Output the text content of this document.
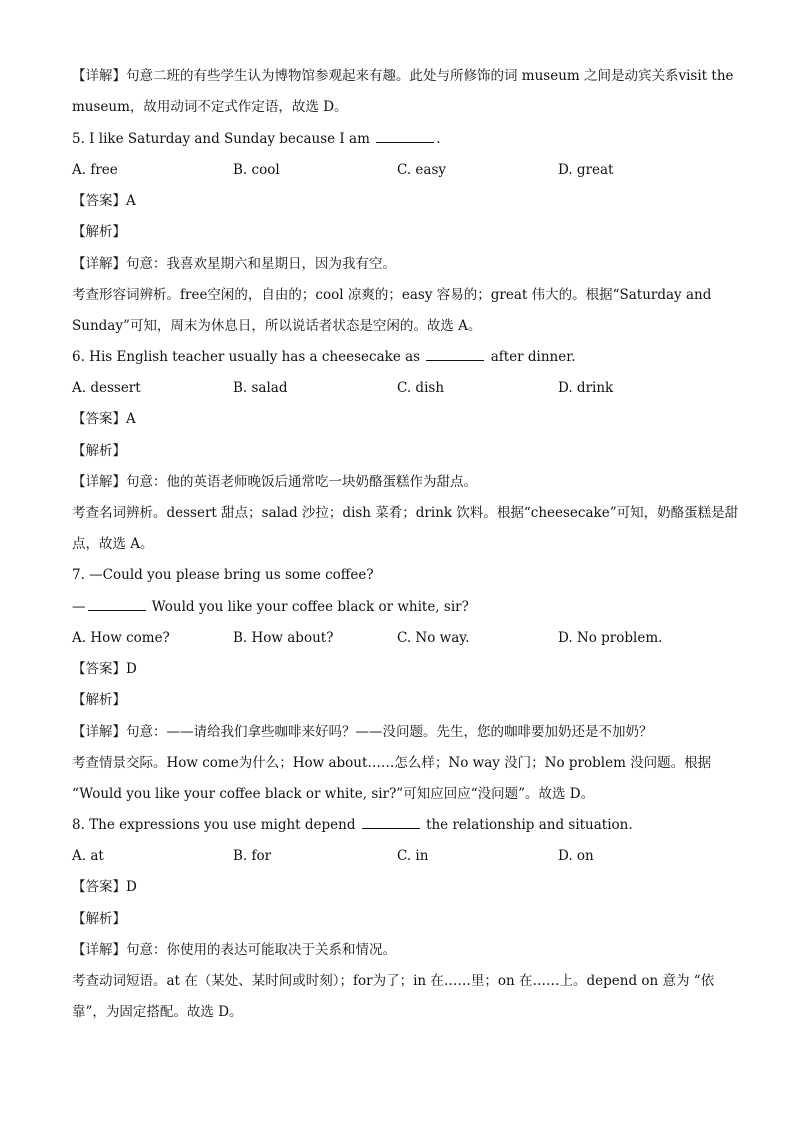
【详解】句意二班的有些学生认为博物馆参观起来有趣。此处与所修饰的词 museum 之间是动宾关系visit the
museum，故用动词不定式作定语，故选 D。
5. I like Saturday and Sunday because I am	.
A. free	B. cool	C. easy	D. great
【答案】A
【解析】
【详解】句意：我喜欢星期六和星期日，因为我有空。
考查形容词辨析。free空闲的，自由的；cool 凉爽的；easy 容易的；great 伟大的。根据“Saturday and
Sunday”可知，周末为休息日，所以说话者状态是空闲的。故选 A。
6. His English teacher usually has a cheesecake as	after dinner.
A. dessert	B. salad	C. dish	D. drink
【答案】A
【解析】
【详解】句意：他的英语老师晚饭后通常吃一块奶酪蛋糕作为甜点。
考查名词辨析。dessert 甜点；salad 沙拉；dish 菜肴；drink 饮料。根据“cheesecake”可知，奶酪蛋糕是甜
点，故选 A。
7. —Could you please bring us some coffee?
—	Would you like your coffee black or white, sir?
A. How come?	B. How about?	C. No way.	D. No problem.
【答案】D
【解析】
【详解】句意：——请给我们拿些咖啡来好吗？——没问题。先生，您的咖啡要加奶还是不加奶？
考查情景交际。How come为什么；How about……怎么样；No way 没门；No problem 没问题。根据
“Would you like your coffee black or white, sir?”可知应回应“没问题”。故选 D。
8. The expressions you use might depend	the relationship and situation.
A. at	B. for	C. in	D. on
【答案】D
【解析】
【详解】句意：你使用的表达可能取决于关系和情况。
考查动词短语。at 在（某处、某时间或时刻）；for为了；in 在……里；on 在……上。depend on 意为 “依
靠”，为固定搭配。故选 D。
